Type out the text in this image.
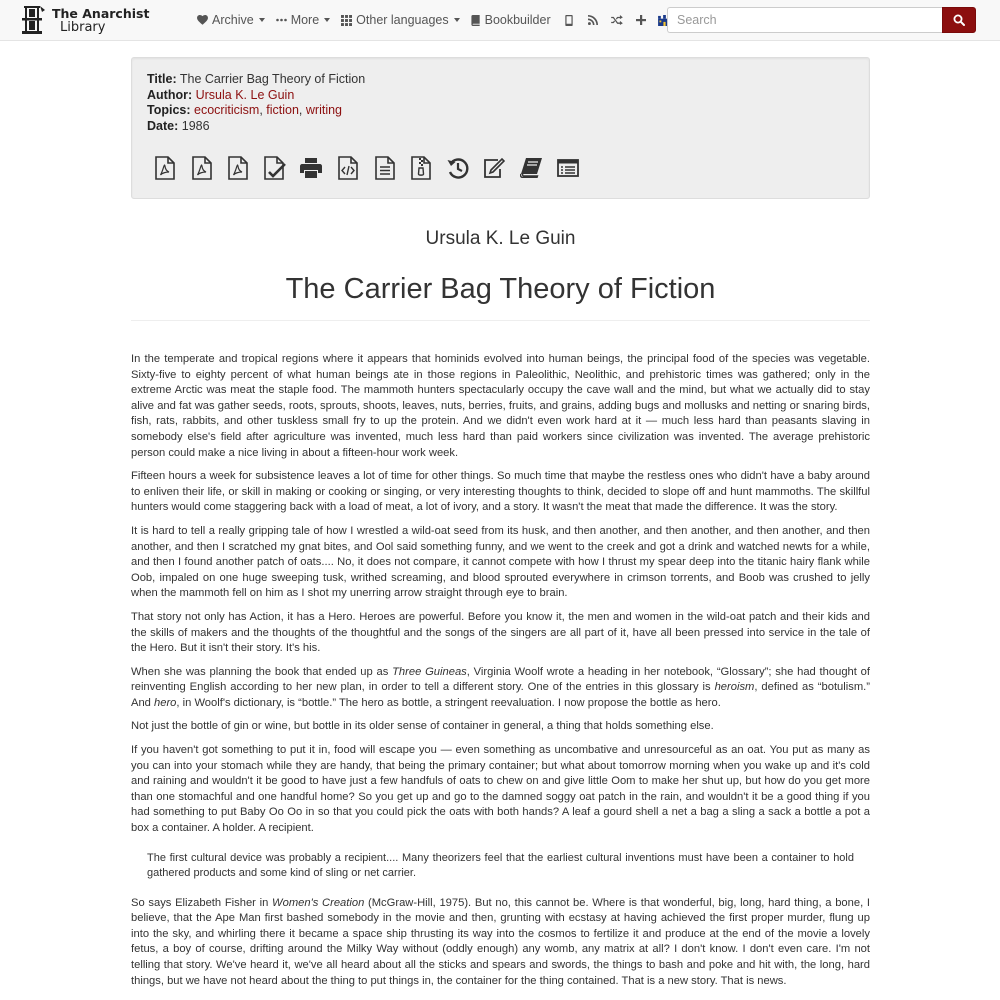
The Anarchist
Library	Archive	More	Other languages	Bookbuilder
Search
Title: The Carrier Bag Theory of Fiction
Author: Ursula K. Le Guin
Topics: ecocriticism, fiction, writing
Date: 1986
Ursula K. Le Guin
The Carrier Bag Theory of Fiction

In the temperate and tropical regions where it appears that hominids evolved into human beings, the principal food of the species was vegetable. Sixty-five to eighty percent of what human beings ate in those regions in Paleolithic, Neolithic, and prehistoric times was gathered; only in the extreme Arctic was meat the staple food. The mammoth hunters spectacularly occupy the cave wall and the mind, but what we actually did to stay alive and fat was gather seeds, roots, sprouts, shoots, leaves, nuts, berries, fruits, and grains, adding bugs and mollusks and netting or snaring birds, fish, rats, rabbits, and other tuskless small fry to up the protein. And we didn't even work hard at it — much less hard than peasants slaving in somebody else's field after agriculture was invented, much less hard than paid workers since civilization was invented. The average prehistoric person could make a nice living in about a fifteen-hour work week.

Fifteen hours a week for subsistence leaves a lot of time for other things. So much time that maybe the restless ones who didn't have a baby around to enliven their life, or skill in making or cooking or singing, or very interesting thoughts to think, decided to slope off and hunt mammoths. The skillful hunters would come staggering back with a load of meat, a lot of ivory, and a story. It wasn't the meat that made the difference. It was the story.

It is hard to tell a really gripping tale of how I wrestled a wild-oat seed from its husk, and then another, and then another, and then another, and then another, and then I scratched my gnat bites, and Ool said something funny, and we went to the creek and got a drink and watched newts for a while, and then I found another patch of oats.... No, it does not compare, it cannot compete with how I thrust my spear deep into the titanic hairy flank while Oob, impaled on one huge sweeping tusk, writhed screaming, and blood sprouted everywhere in crimson torrents, and Boob was crushed to jelly when the mammoth fell on him as I shot my unerring arrow straight through eye to brain.

That story not only has Action, it has a Hero. Heroes are powerful. Before you know it, the men and women in the wild-oat patch and their kids and the skills of makers and the thoughts of the thoughtful and the songs of the singers are all part of it, have all been pressed into service in the tale of the Hero. But it isn't their story. It's his.

When she was planning the book that ended up as Three Guineas, Virginia Woolf wrote a heading in her notebook, “Glossary”; she had thought of reinventing English according to her new plan, in order to tell a different story. One of the entries in this glossary is heroism, defined as “botulism.” And hero, in Woolf's dictionary, is “bottle.” The hero as bottle, a stringent reevaluation. I now propose the bottle as hero.

Not just the bottle of gin or wine, but bottle in its older sense of container in general, a thing that holds something else.

If you haven't got something to put it in, food will escape you — even something as uncombative and unresourceful as an oat. You put as many as you can into your stomach while they are handy, that being the primary container; but what about tomorrow morning when you wake up and it's cold and raining and wouldn't it be good to have just a few handfuls of oats to chew on and give little Oom to make her shut up, but how do you get more than one stomachful and one handful home? So you get up and go to the damned soggy oat patch in the rain, and wouldn't it be a good thing if you had something to put Baby Oo Oo in so that you could pick the oats with both hands? A leaf a gourd shell a net a bag a sling a sack a bottle a pot a box a container. A holder. A recipient.

The first cultural device was probably a recipient.... Many theorizers feel that the earliest cultural inventions must have been a container to hold gathered products and some kind of sling or net carrier.

So says Elizabeth Fisher in Women's Creation (McGraw-Hill, 1975). But no, this cannot be. Where is that wonderful, big, long, hard thing, a bone, I believe, that the Ape Man first bashed somebody in the movie and then, grunting with ecstasy at having achieved the first proper murder, flung up into the sky, and whirling there it became a space ship thrusting its way into the cosmos to fertilize it and produce at the end of the movie a lovely fetus, a boy of course, drifting around the Milky Way without (oddly enough) any womb, any matrix at all? I don't know. I don't even care. I'm not telling that story. We've heard it, we've all heard about all the sticks and spears and swords, the things to bash and poke and hit with, the long, hard things, but we have not heard about the thing to put things in, the container for the thing contained. That is a new story. That is news.
